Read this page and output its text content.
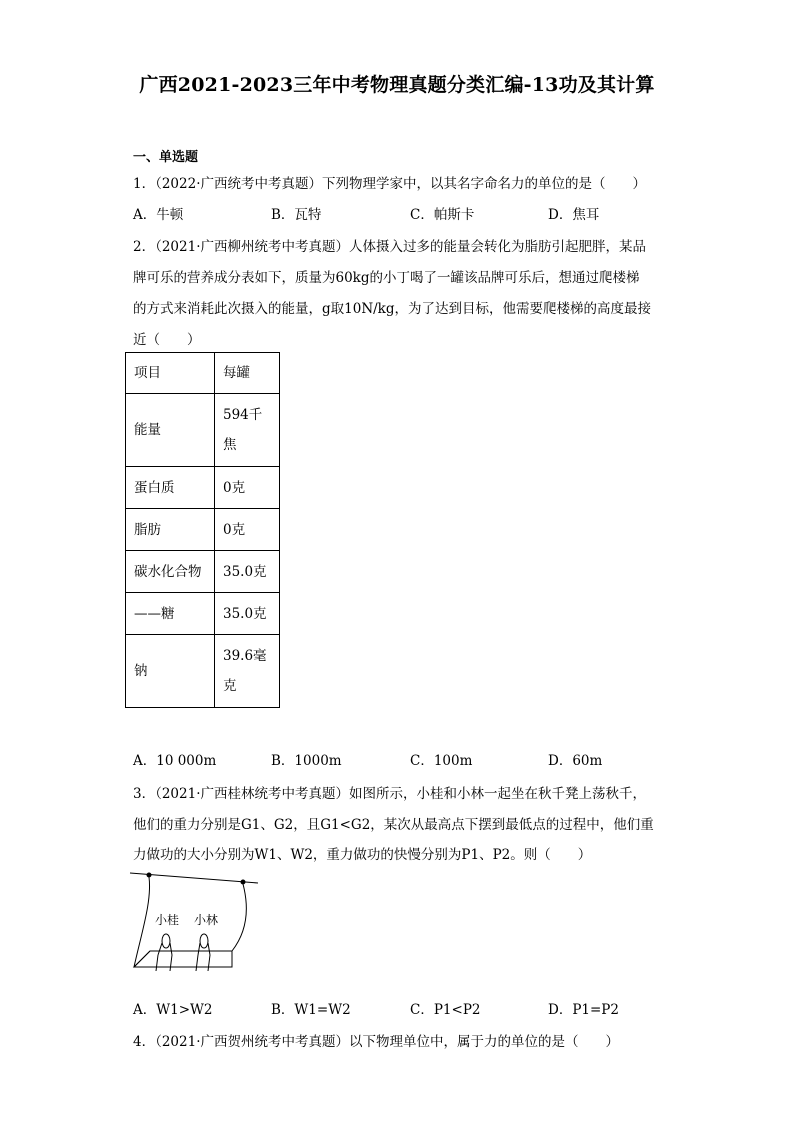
广西2021-2023三年中考物理真题分类汇编-13功及其计算
一、单选题
1．（2022·广西统考中考真题）下列物理学家中，以其名字命名力的单位的是（　　）
A．牛顿	B．瓦特	C．帕斯卡	D．焦耳
2．（2021·广西柳州统考中考真题）人体摄入过多的能量会转化为脂肪引起肥胖，某品
牌可乐的营养成分表如下，质量为60kg的小丁喝了一罐该品牌可乐后，想通过爬楼梯
的方式来消耗此次摄入的能量，g取10N/kg，为了达到目标，他需要爬楼梯的高度最接
近（　　）
项目	每罐
能量	594千焦
蛋白质	0克
脂肪	0克
碳水化合物	35.0克
——糖	35.0克
钠	39.6毫克
A．10 000m	B．1000m	C．100m	D．60m
3．（2021·广西桂林统考中考真题）如图所示，小桂和小林一起坐在秋千凳上荡秋千，
他们的重力分别是G1、G2，且G1<G2，某次从最高点下摆到最低点的过程中，他们重
力做功的大小分别为W1、W2，重力做功的快慢分别为P1、P2。则（　　）
小桂 小林
A．W1>W2	B．W1=W2	C．P1<P2	D．P1=P2
4．（2021·广西贺州统考中考真题）以下物理单位中，属于力的单位的是（　　）
